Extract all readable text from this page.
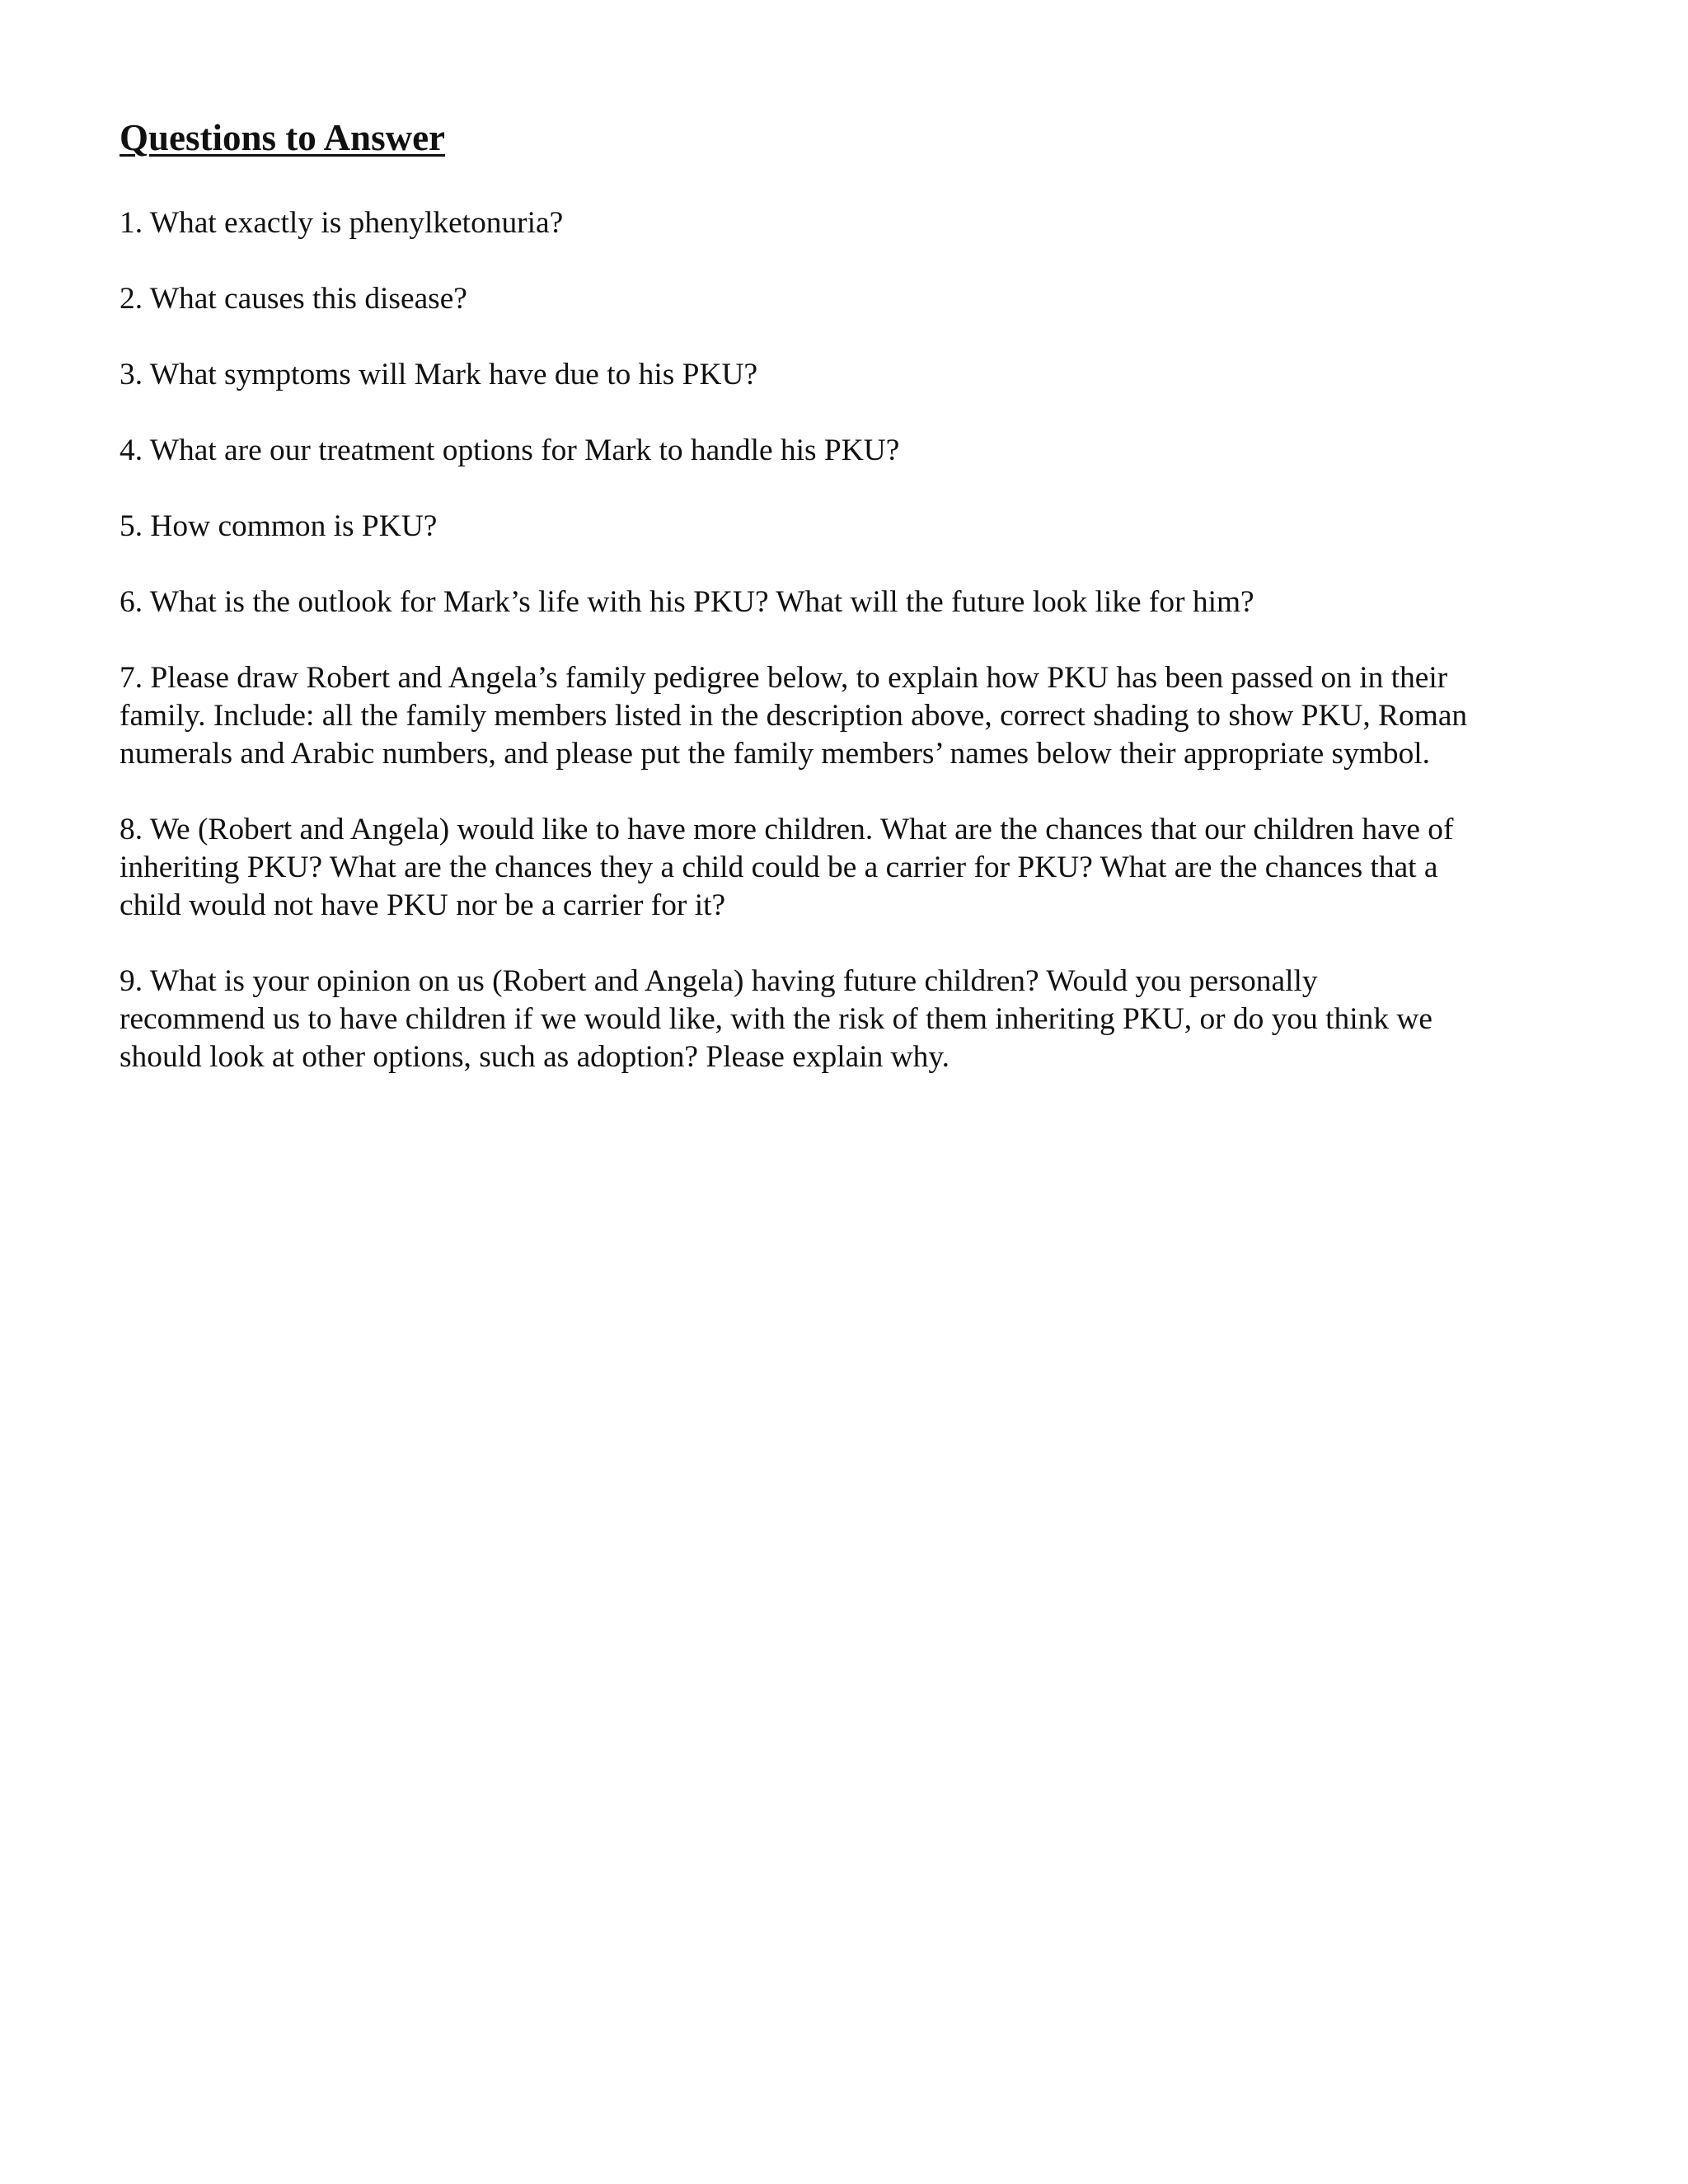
Questions to Answer

1. What exactly is phenylketonuria?

2. What causes this disease?

3. What symptoms will Mark have due to his PKU?

4. What are our treatment options for Mark to handle his PKU?

5. How common is PKU?

6. What is the outlook for Mark’s life with his PKU? What will the future look like for him?

7. Please draw Robert and Angela’s family pedigree below, to explain how PKU has been passed on in their
family. Include: all the family members listed in the description above, correct shading to show PKU, Roman
numerals and Arabic numbers, and please put the family members’ names below their appropriate symbol.

8. We (Robert and Angela) would like to have more children. What are the chances that our children have of
inheriting PKU? What are the chances they a child could be a carrier for PKU? What are the chances that a
child would not have PKU nor be a carrier for it?

9. What is your opinion on us (Robert and Angela) having future children? Would you personally
recommend us to have children if we would like, with the risk of them inheriting PKU, or do you think we
should look at other options, such as adoption? Please explain why.
